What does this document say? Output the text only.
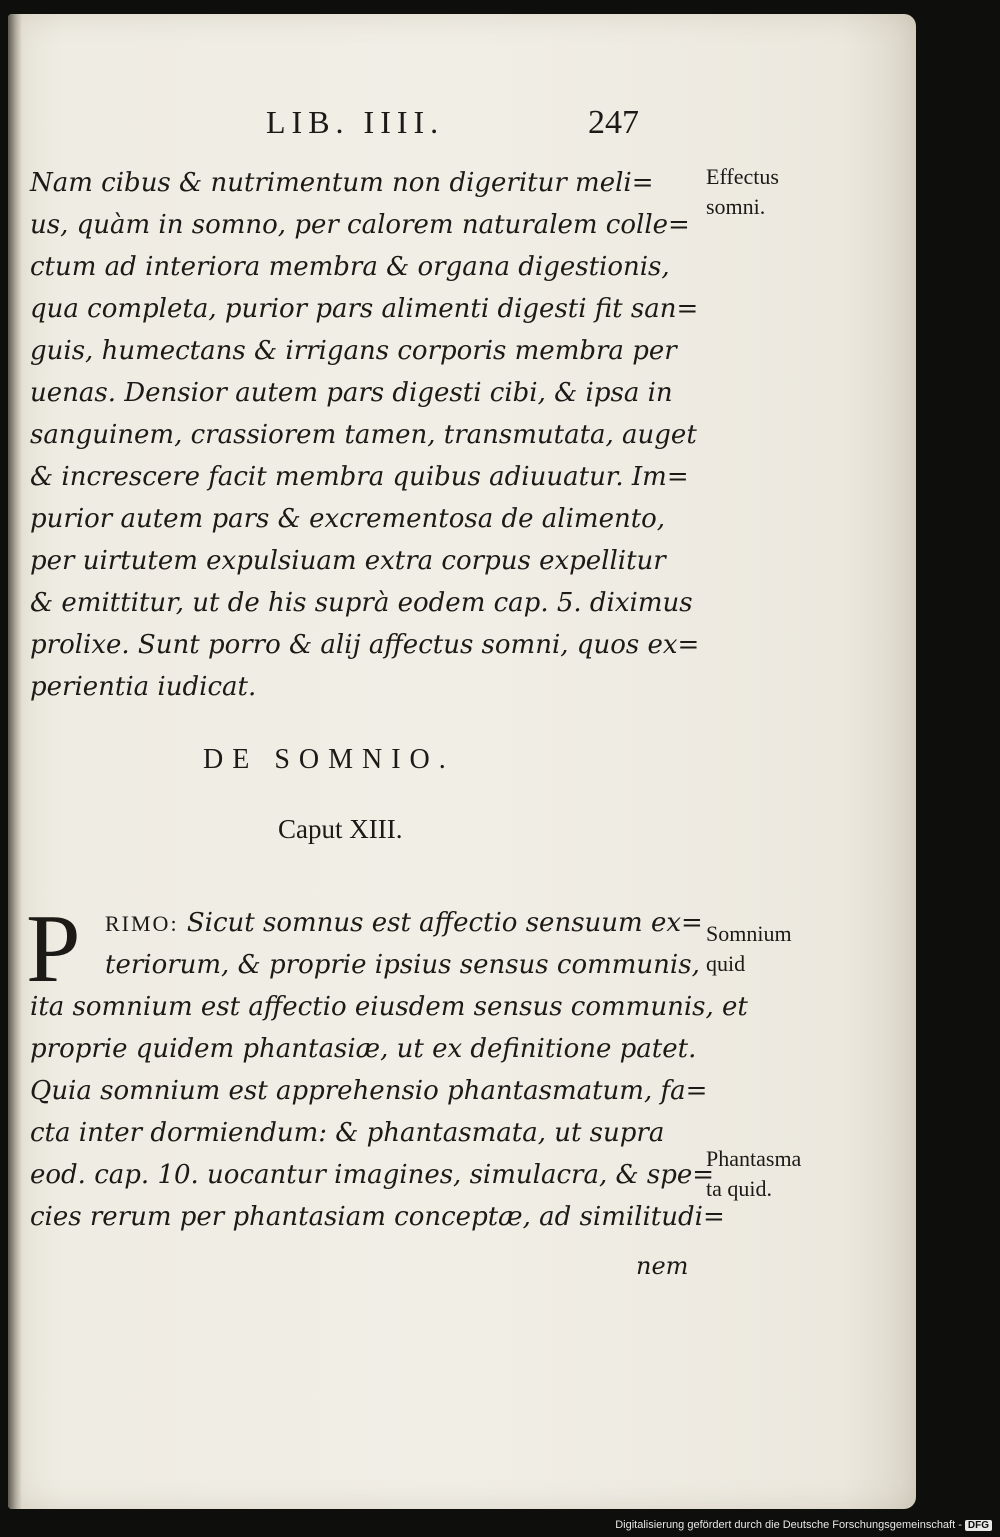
LIB. IIII.	247
Nam cibus & nutrimentum non digeritur meli=
us, quàm in somno, per calorem naturalem colle=
ctum ad interiora membra & organa digestionis,
qua completa, purior pars alimenti digesti fit san=
guis, humectans & irrigans corporis membra per
uenas. Densior autem pars digesti cibi, & ipsa in
sanguinem, crassiorem tamen, transmutata, auget
& increscere facit membra quibus adiuuatur. Im=
purior autem pars & excrementosa de alimento,
per uirtutem expulsiuam extra corpus expellitur
& emittitur, ut de his suprà eodem cap. 5. diximus
prolixe. Sunt porro & alij affectus somni, quos ex=
perientia iudicat.
DE SOMNIO.
Caput XIII.
P	RIMO: Sicut somnus est affectio sensuum ex=
teriorum, & proprie ipsius sensus communis,
ita somnium est affectio eiusdem sensus communis, et
proprie quidem phantasiæ, ut ex definitione patet.
Quia somnium est apprehensio phantasmatum, fa=
cta inter dormiendum: & phantasmata, ut supra
eod. cap. 10. uocantur imagines, simulacra, & spe=
cies rerum per phantasiam conceptæ, ad similitudi=
nem
Effectus
somni.
Somnium
quid
Phantasma
ta quid.
Digitalisierung gefördert durch die Deutsche Forschungsgemeinschaft - DFG
